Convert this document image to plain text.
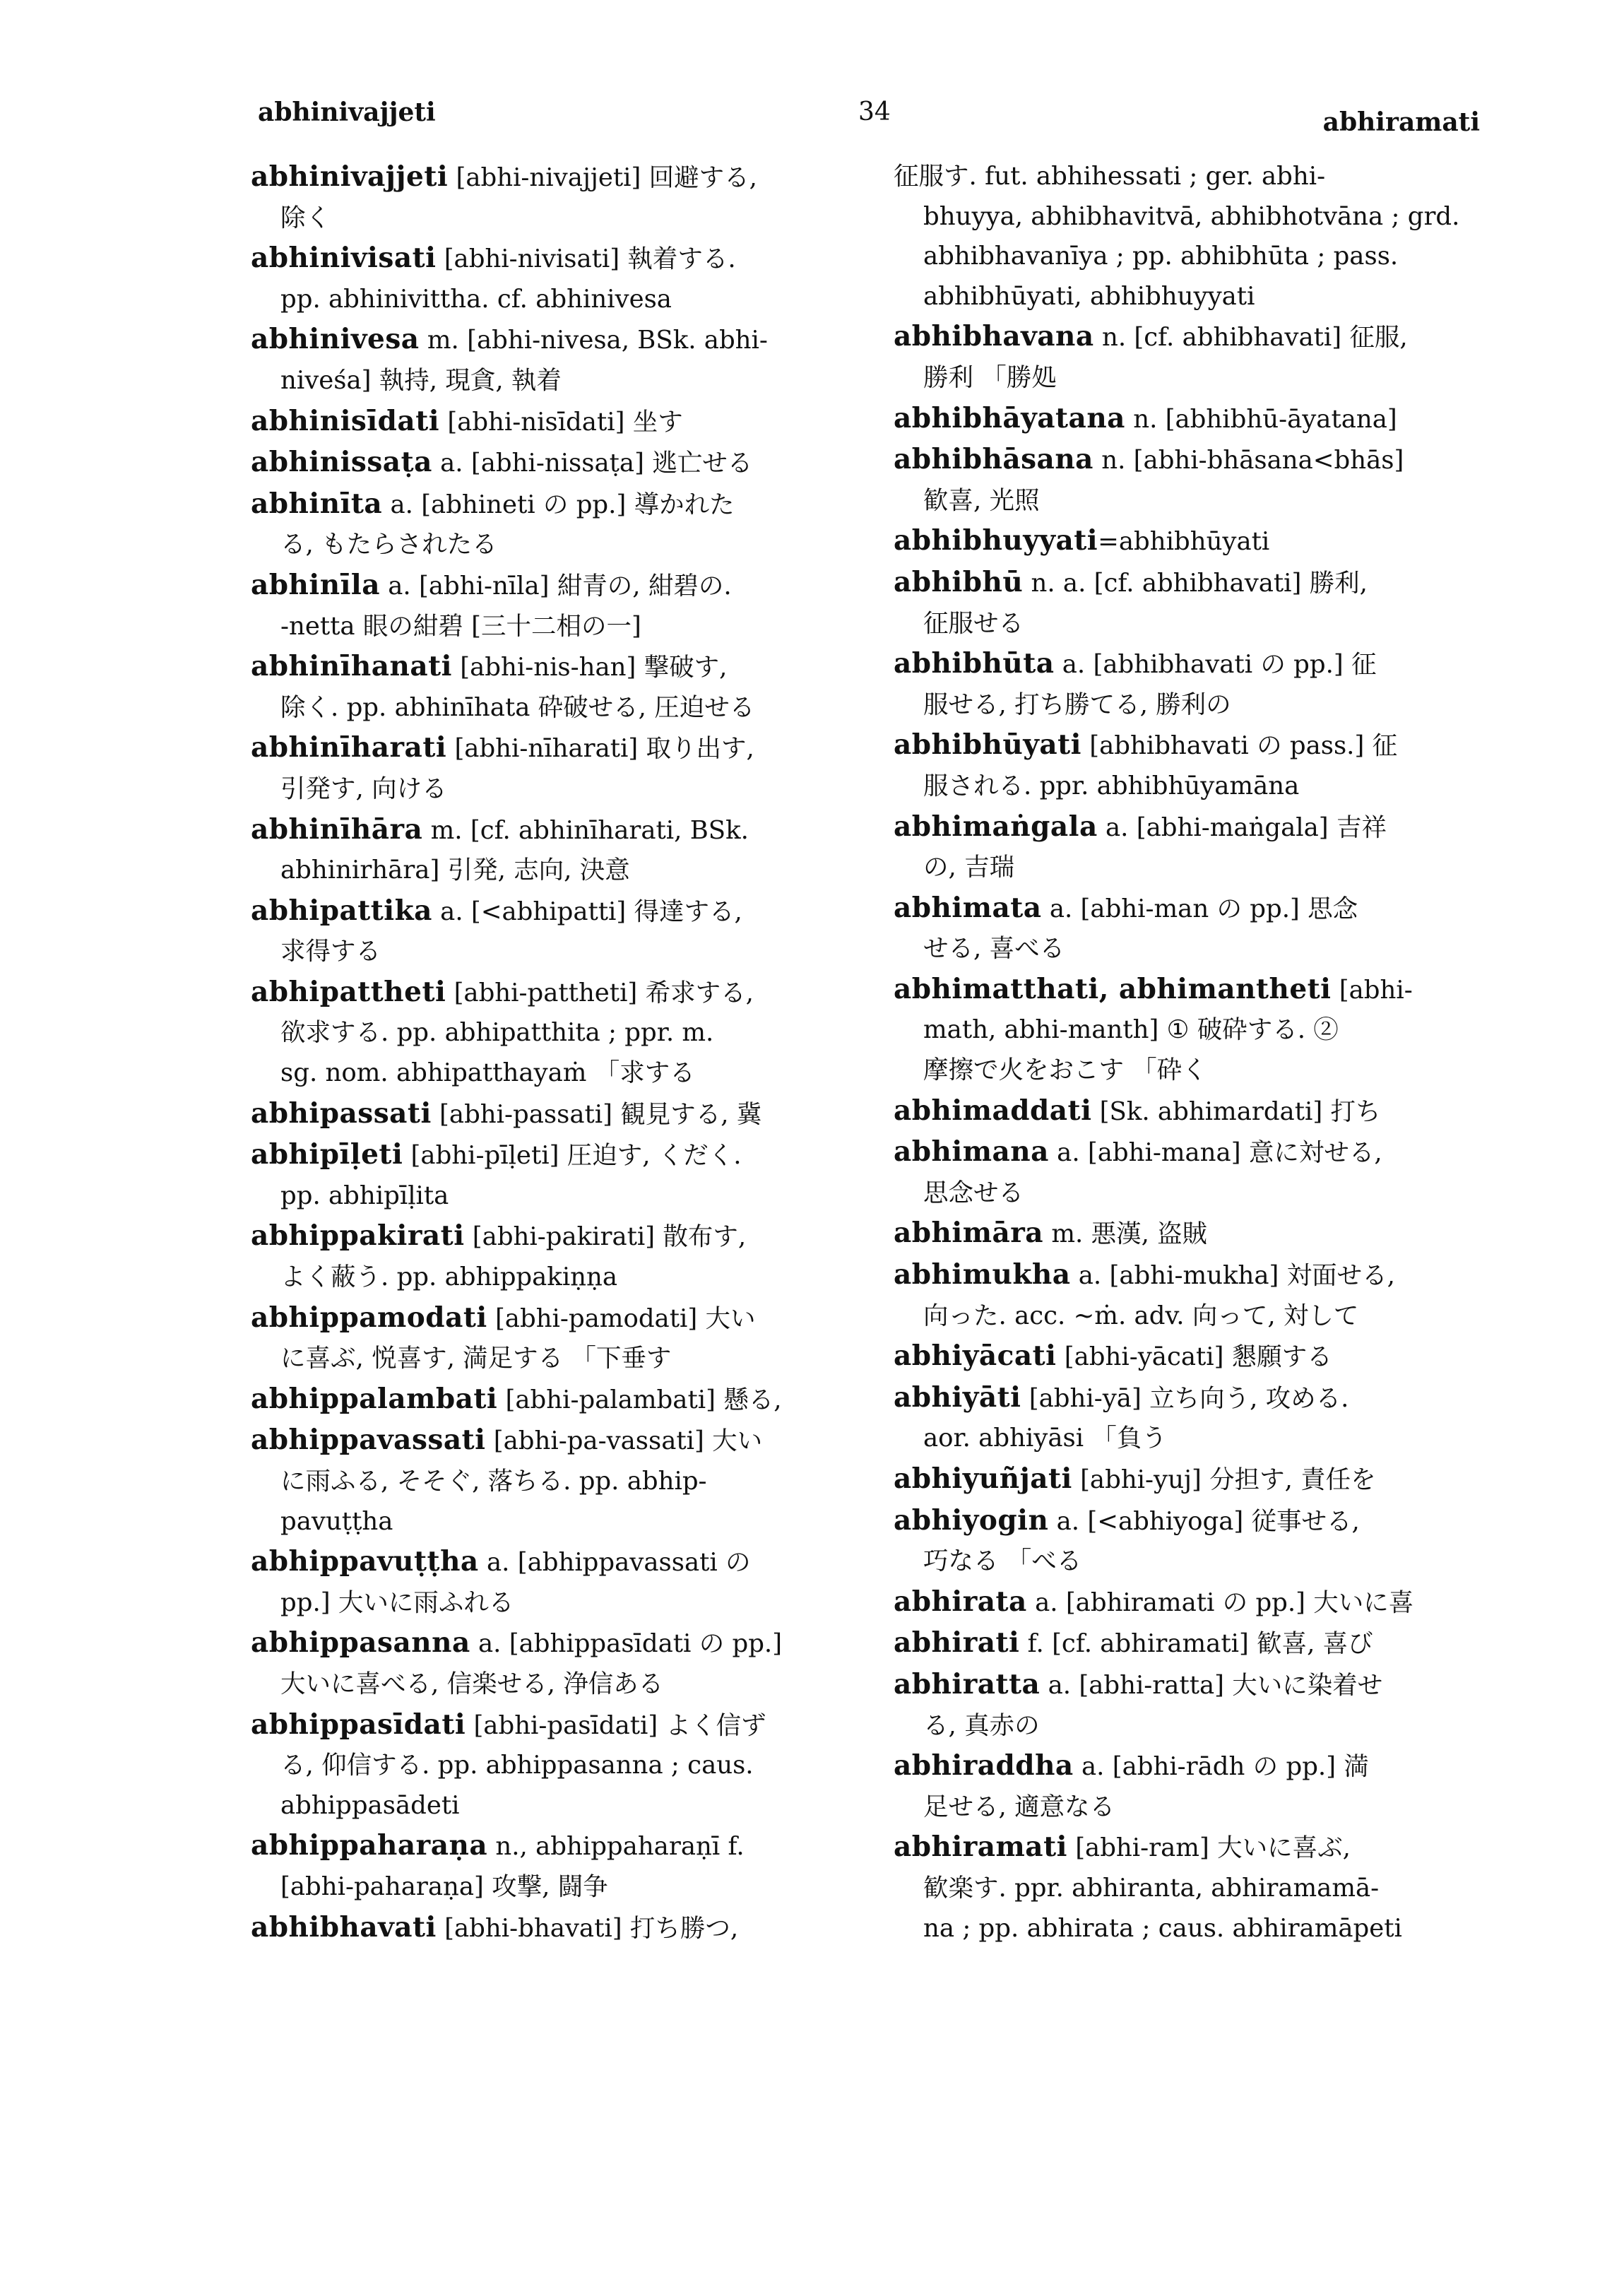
abhinivajjeti	34	abhiramati
abhinivajjeti [abhi-nivajjeti] 回避する,
除く
abhinivisati [abhi-nivisati] 執着する.
pp. abhinivittha. cf. abhinivesa
abhinivesa m. [abhi-nivesa, BSk. abhi-
niveśa] 執持, 現貪, 執着
abhinisīdati [abhi-nisīdati] 坐す
abhinissaṭa a. [abhi-nissaṭa] 逃亡せる
abhinīta a. [abhineti の pp.] 導かれた
る, もたらされたる
abhinīla a. [abhi-nīla] 紺青の, 紺碧の.
-netta 眼の紺碧 [三十二相の一]
abhinīhanati [abhi-nis-han] 撃破す,
除く. pp. abhinīhata 砕破せる, 圧迫せる
abhinīharati [abhi-nīharati] 取り出す,
引発す, 向ける
abhinīhāra m. [cf. abhinīharati, BSk.
abhinirhāra] 引発, 志向, 決意
abhipattika a. [<abhipatti] 得達する,
求得する
abhipattheti [abhi-pattheti] 希求する,
欲求する. pp. abhipatthita ; ppr. m.
sg. nom. abhipatthayaṁ 「求する
abhipassati [abhi-passati] 観見する, 冀
abhipīḷeti [abhi-pīḷeti] 圧迫す, くだく.
pp. abhipīḷita
abhippakirati [abhi-pakirati] 散布す,
よく蔽う. pp. abhippakiṇṇa
abhippamodati [abhi-pamodati] 大い
に喜ぶ, 悦喜す, 満足する 「下垂す
abhippalambati [abhi-palambati] 懸る,
abhippavassati [abhi-pa-vassati] 大い
に雨ふる, そそぐ, 落ちる. pp. abhip-
pavuṭṭha
abhippavuṭṭha a. [abhippavassati の
pp.] 大いに雨ふれる
abhippasanna a. [abhippasīdati の pp.]
大いに喜べる, 信楽せる, 浄信ある
abhippasīdati [abhi-pasīdati] よく信ず
る, 仰信する. pp. abhippasanna ; caus.
abhippasādeti
abhippaharaṇa n., abhippaharaṇī f.
[abhi-paharaṇa] 攻撃, 闘争
abhibhavati [abhi-bhavati] 打ち勝つ,
征服す. fut. abhihessati ; ger. abhi-
bhuyya, abhibhavitvā, abhibhotvāna ; grd.
abhibhavanīya ; pp. abhibhūta ; pass.
abhibhūyati, abhibhuyyati
abhibhavana n. [cf. abhibhavati] 征服,
勝利 「勝処
abhibhāyatana n. [abhibhū-āyatana]
abhibhāsana n. [abhi-bhāsana<bhās]
歓喜, 光照
abhibhuyyati=abhibhūyati
abhibhū n. a. [cf. abhibhavati] 勝利,
征服せる
abhibhūta a. [abhibhavati の pp.] 征
服せる, 打ち勝てる, 勝利の
abhibhūyati [abhibhavati の pass.] 征
服される. ppr. abhibhūyamāna
abhimaṅgala a. [abhi-maṅgala] 吉祥
の, 吉瑞
abhimata a. [abhi-man の pp.] 思念
せる, 喜べる
abhimatthati, abhimantheti [abhi-
math, abhi-manth] ① 破砕する. ②
摩擦で火をおこす 「砕く
abhimaddati [Sk. abhimardati] 打ち
abhimana a. [abhi-mana] 意に対せる,
思念せる
abhimāra m. 悪漢, 盗賊
abhimukha a. [abhi-mukha] 対面せる,
向った. acc. ~ṁ. adv. 向って, 対して
abhiyācati [abhi-yācati] 懇願する
abhiyāti [abhi-yā] 立ち向う, 攻める.
aor. abhiyāsi 「負う
abhiyuñjati [abhi-yuj] 分担す, 責任を
abhiyogin a. [<abhiyoga] 従事せる,
巧なる 「べる
abhirata a. [abhiramati の pp.] 大いに喜
abhirati f. [cf. abhiramati] 歓喜, 喜び
abhiratta a. [abhi-ratta] 大いに染着せ
る, 真赤の
abhiraddha a. [abhi-rādh の pp.] 満
足せる, 適意なる
abhiramati [abhi-ram] 大いに喜ぶ,
歓楽す. ppr. abhiranta, abhiramamā-
na ; pp. abhirata ; caus. abhiramāpeti
